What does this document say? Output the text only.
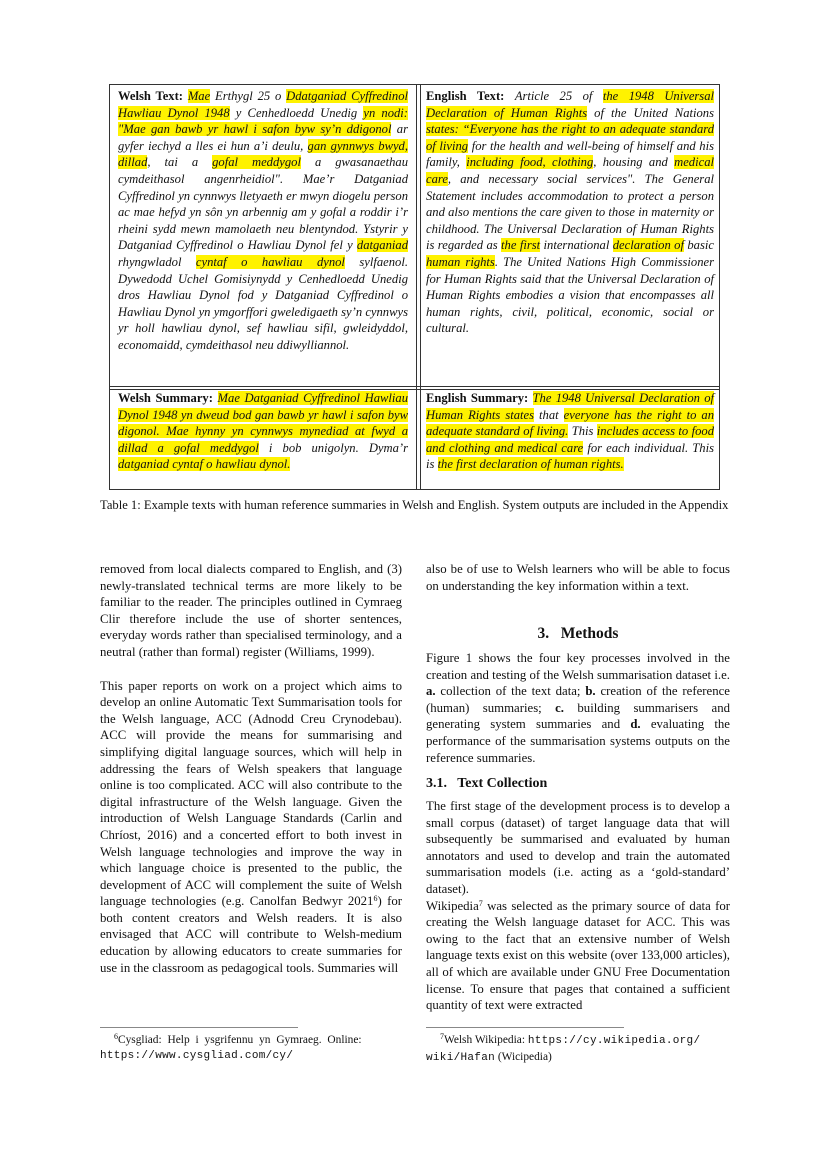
Welsh Text: Mae Erthygl 25 o Ddatganiad Cyffredinol Hawliau Dynol 1948 y Cenhedloedd Unedig yn nodi: "Mae gan bawb yr hawl i safon byw sy’n ddigonol ar gyfer iechyd a lles ei hun a’i deulu, gan gynnwys bwyd, dillad, tai a gofal meddygol a gwasanaethau cymdeithasol angenrheidiol". Mae’r Datganiad Cyffredinol yn cynnwys lletyaeth er mwyn diogelu person ac mae hefyd yn sôn yn arbennig am y gofal a roddir i’r rheini sydd mewn mamolaeth neu blentyndod. Ystyrir y Datganiad Cyffredinol o Hawliau Dynol fel y datganiad rhyngwladol cyntaf o hawliau dynol sylfaenol. Dywedodd Uchel Gomisiynydd y Cenhedloedd Unedig dros Hawliau Dynol fod y Datganiad Cyffredinol o Hawliau Dynol yn ymgorffori gweledigaeth sy’n cynnwys yr holl hawliau dynol, sef hawliau sifil, gwleidyddol, economaidd, cymdeithasol neu ddiwylliannol.
English Text: Article 25 of the 1948 Universal Declaration of Human Rights of the United Nations states: “Everyone has the right to an adequate standard of living for the health and well-being of himself and his family, including food, clothing, housing and medical care, and necessary social services". The General Statement includes accommodation to protect a person and also mentions the care given to those in maternity or childhood. The Universal Declaration of Human Rights is regarded as the first international declaration of basic human rights. The United Nations High Commissioner for Human Rights said that the Universal Declaration of Human Rights embodies a vision that encompasses all human rights, civil, political, economic, social or cultural.
Welsh Summary: Mae Datganiad Cyffredinol Hawliau Dynol 1948 yn dweud bod gan bawb yr hawl i safon byw digonol. Mae hynny yn cynnwys mynediad at fwyd a dillad a gofal meddygol i bob unigolyn. Dyma’r datganiad cyntaf o hawliau dynol.
English Summary: The 1948 Universal Declaration of Human Rights states that everyone has the right to an adequate standard of living. This includes access to food and clothing and medical care for each individual. This is the first declaration of human rights.
Table 1: Example texts with human reference summaries in Welsh and English. System outputs are included in the Appendix

removed from local dialects compared to English, and (3) newly-translated technical terms are more likely to be familiar to the reader. The principles outlined in Cymraeg Clir therefore include the use of shorter sentences, everyday words rather than specialised terminology, and a neutral (rather than formal) register (Williams, 1999).

This paper reports on work on a project which aims to develop an online Automatic Text Summarisation tools for the Welsh language, ACC (Adnodd Creu Crynodebau). ACC will provide the means for summarising and simplifying digital language sources, which will help in addressing the fears of Welsh speakers that language online is too complicated. ACC will also contribute to the digital infrastructure of the Welsh language. Given the introduction of Welsh Language Standards (Carlin and Chríost, 2016) and a concerted effort to both invest in Welsh language technologies and improve the way in which language choice is presented to the public, the development of ACC will complement the suite of Welsh language technologies (e.g. Canolfan Bedwyr 2021$^6$) for both content creators and Welsh readers. It is also envisaged that ACC will contribute to Welsh-medium education by allowing educators to create summaries for use in the classroom as pedagogical tools. Summaries will

$^6$Cysgliad: Help i ysgrifennu yn Gymraeg. Online:
https://www.cysgliad.com/cy/

also be of use to Welsh learners who will be able to focus on understanding the key information within a text.

3.   Methods

Figure 1 shows the four key processes involved in the creation and testing of the Welsh summarisation dataset i.e. a. collection of the text data; b. creation of the reference (human) summaries; c. building summarisers and generating system summaries and d. evaluating the performance of the summarisation systems outputs on the reference summaries.

3.1.   Text Collection

The first stage of the development process is to develop a small corpus (dataset) of target language data that will subsequently be summarised and evaluated by human annotators and used to develop and train the automated summarisation models (i.e. acting as a ‘gold-standard’ dataset).

Wikipedia$^7$ was selected as the primary source of data for creating the Welsh language dataset for ACC. This was owing to the fact that an extensive number of Welsh language texts exist on this website (over 133,000 articles), all of which are available under GNU Free Documentation license. To ensure that pages that contained a sufficient quantity of text were extracted

$^7$Welsh Wikipedia: https://cy.wikipedia.org/
wiki/Hafan (Wicipedia)
